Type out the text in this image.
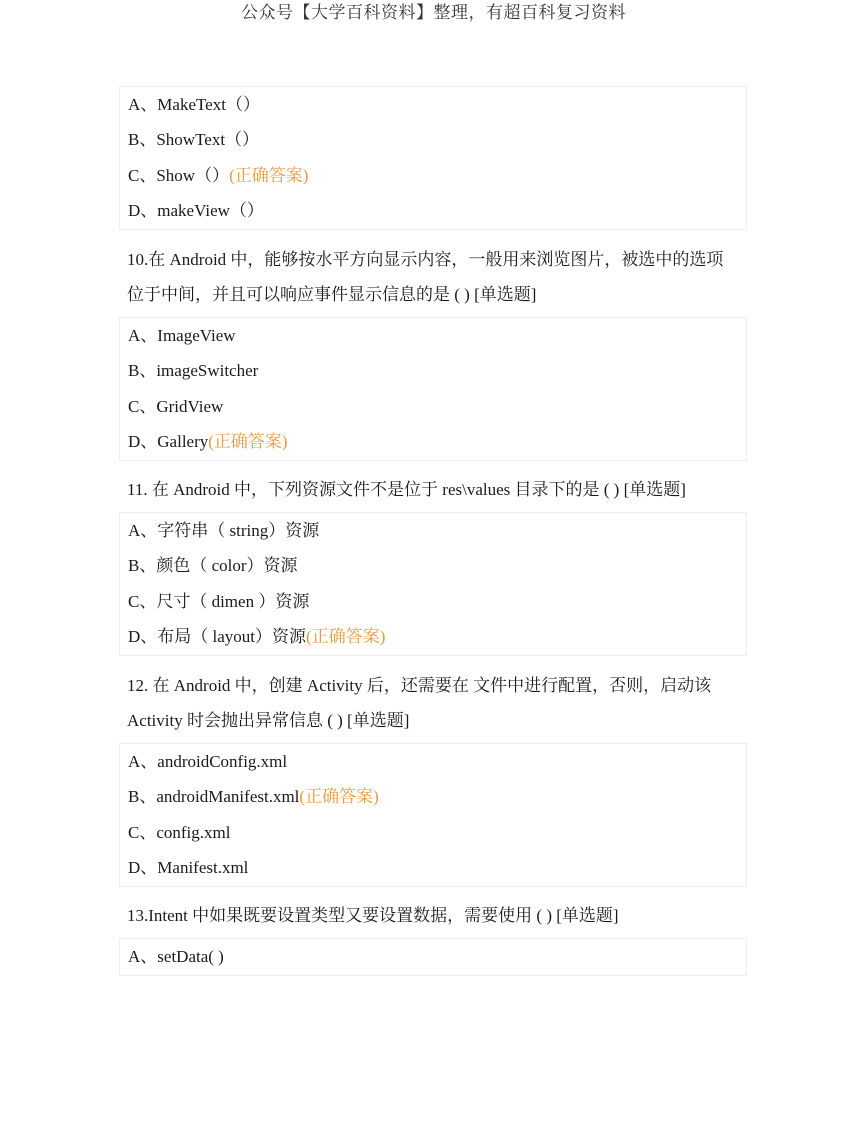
公众号【大学百科资料】整理，有超百科复习资料
A、MakeText（）
B、ShowText（）
C、Show（） (正确答案)
D、makeView（）
10.在 Android 中，能够按水平方向显示内容，一般用来浏览图片，被选中的选项
位于中间，并且可以响应事件显示信息的是 ( ) [单选题]
A、ImageView
B、imageSwitcher
C、GridView
D、Gallery (正确答案)
11. 在 Android 中，下列资源文件不是位于 res\values 目录下的是 ( ) [单选题]
A、字符串（ string）资源
B、颜色（ color）资源
C、尺寸（ dimen ）资源
D、布局（ layout）资源 (正确答案)
12. 在 Android 中，创建 Activity 后，还需要在 文件中进行配置，否则，启动该
Activity 时会抛出异常信息 ( ) [单选题]
A、androidConfig.xml
B、androidManifest.xml (正确答案)
C、config.xml
D、Manifest.xml
13.Intent 中如果既要设置类型又要设置数据，需要使用 ( ) [单选题]
A、setData( )
